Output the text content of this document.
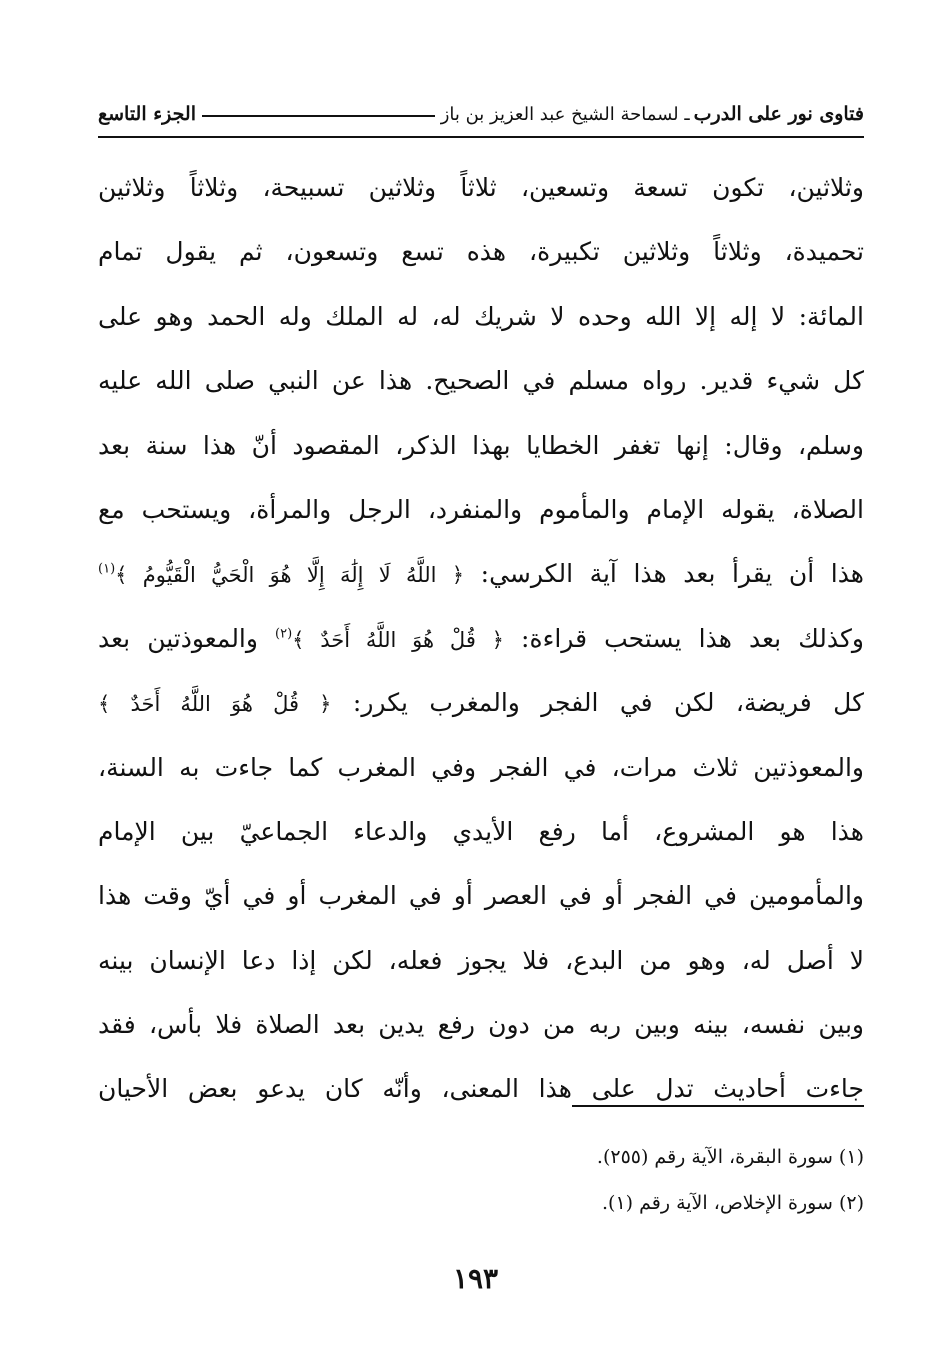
فتاوى نور على الدرب
ـ لسماحة الشيخ عبد العزيز بن باز
الجزء التاسع
وثلاثين، تكون تسعة وتسعين، ثلاثاً وثلاثين تسبيحة، وثلاثاً وثلاثين
تحميدة، وثلاثاً وثلاثين تكبيرة، هذه تسع وتسعون، ثم يقول تمام
المائة: لا إله إلا الله وحده لا شريك له، له الملك وله الحمد وهو على
كل شيء قدير. رواه مسلم في الصحيح. هذا عن النبي صلى الله عليه
وسلم، وقال: إنها تغفر الخطايا بهذا الذكر، المقصود أنّ هذا سنة بعد
الصلاة، يقوله الإمام والمأموم والمنفرد، الرجل والمرأة، ويستحب مع
هذا أن يقرأ بعد هذا آية الكرسي: ﴿ اللَّهُ لَا إِلَٰهَ إِلَّا هُوَ الْحَيُّ الْقَيُّومُ ﴾$^{(١)}$
وكذلك بعد هذا يستحب قراءة: ﴿ قُلْ هُوَ اللَّهُ أَحَدٌ ﴾$^{(٢)}$ والمعوذتين بعد
كل فريضة، لكن في الفجر والمغرب يكرر: ﴿ قُلْ هُوَ اللَّهُ أَحَدٌ ﴾
والمعوذتين ثلاث مرات، في الفجر وفي المغرب كما جاءت به السنة،
هذا هو المشروع، أما رفع الأيدي والدعاء الجماعيّ بين الإمام
والمأمومين في الفجر أو في العصر أو في المغرب أو في أيّ وقت هذا
لا أصل له، وهو من البدع، فلا يجوز فعله، لكن إذا دعا الإنسان بينه
وبين نفسه، بينه وبين ربه من دون رفع يدين بعد الصلاة فلا بأس، فقد
جاءت أحاديث تدل على هذا المعنى، وأنّه كان يدعو بعض الأحيان
(١) سورة البقرة، الآية رقم (٢٥٥).
(٢) سورة الإخلاص، الآية رقم (١).
١٩٣
